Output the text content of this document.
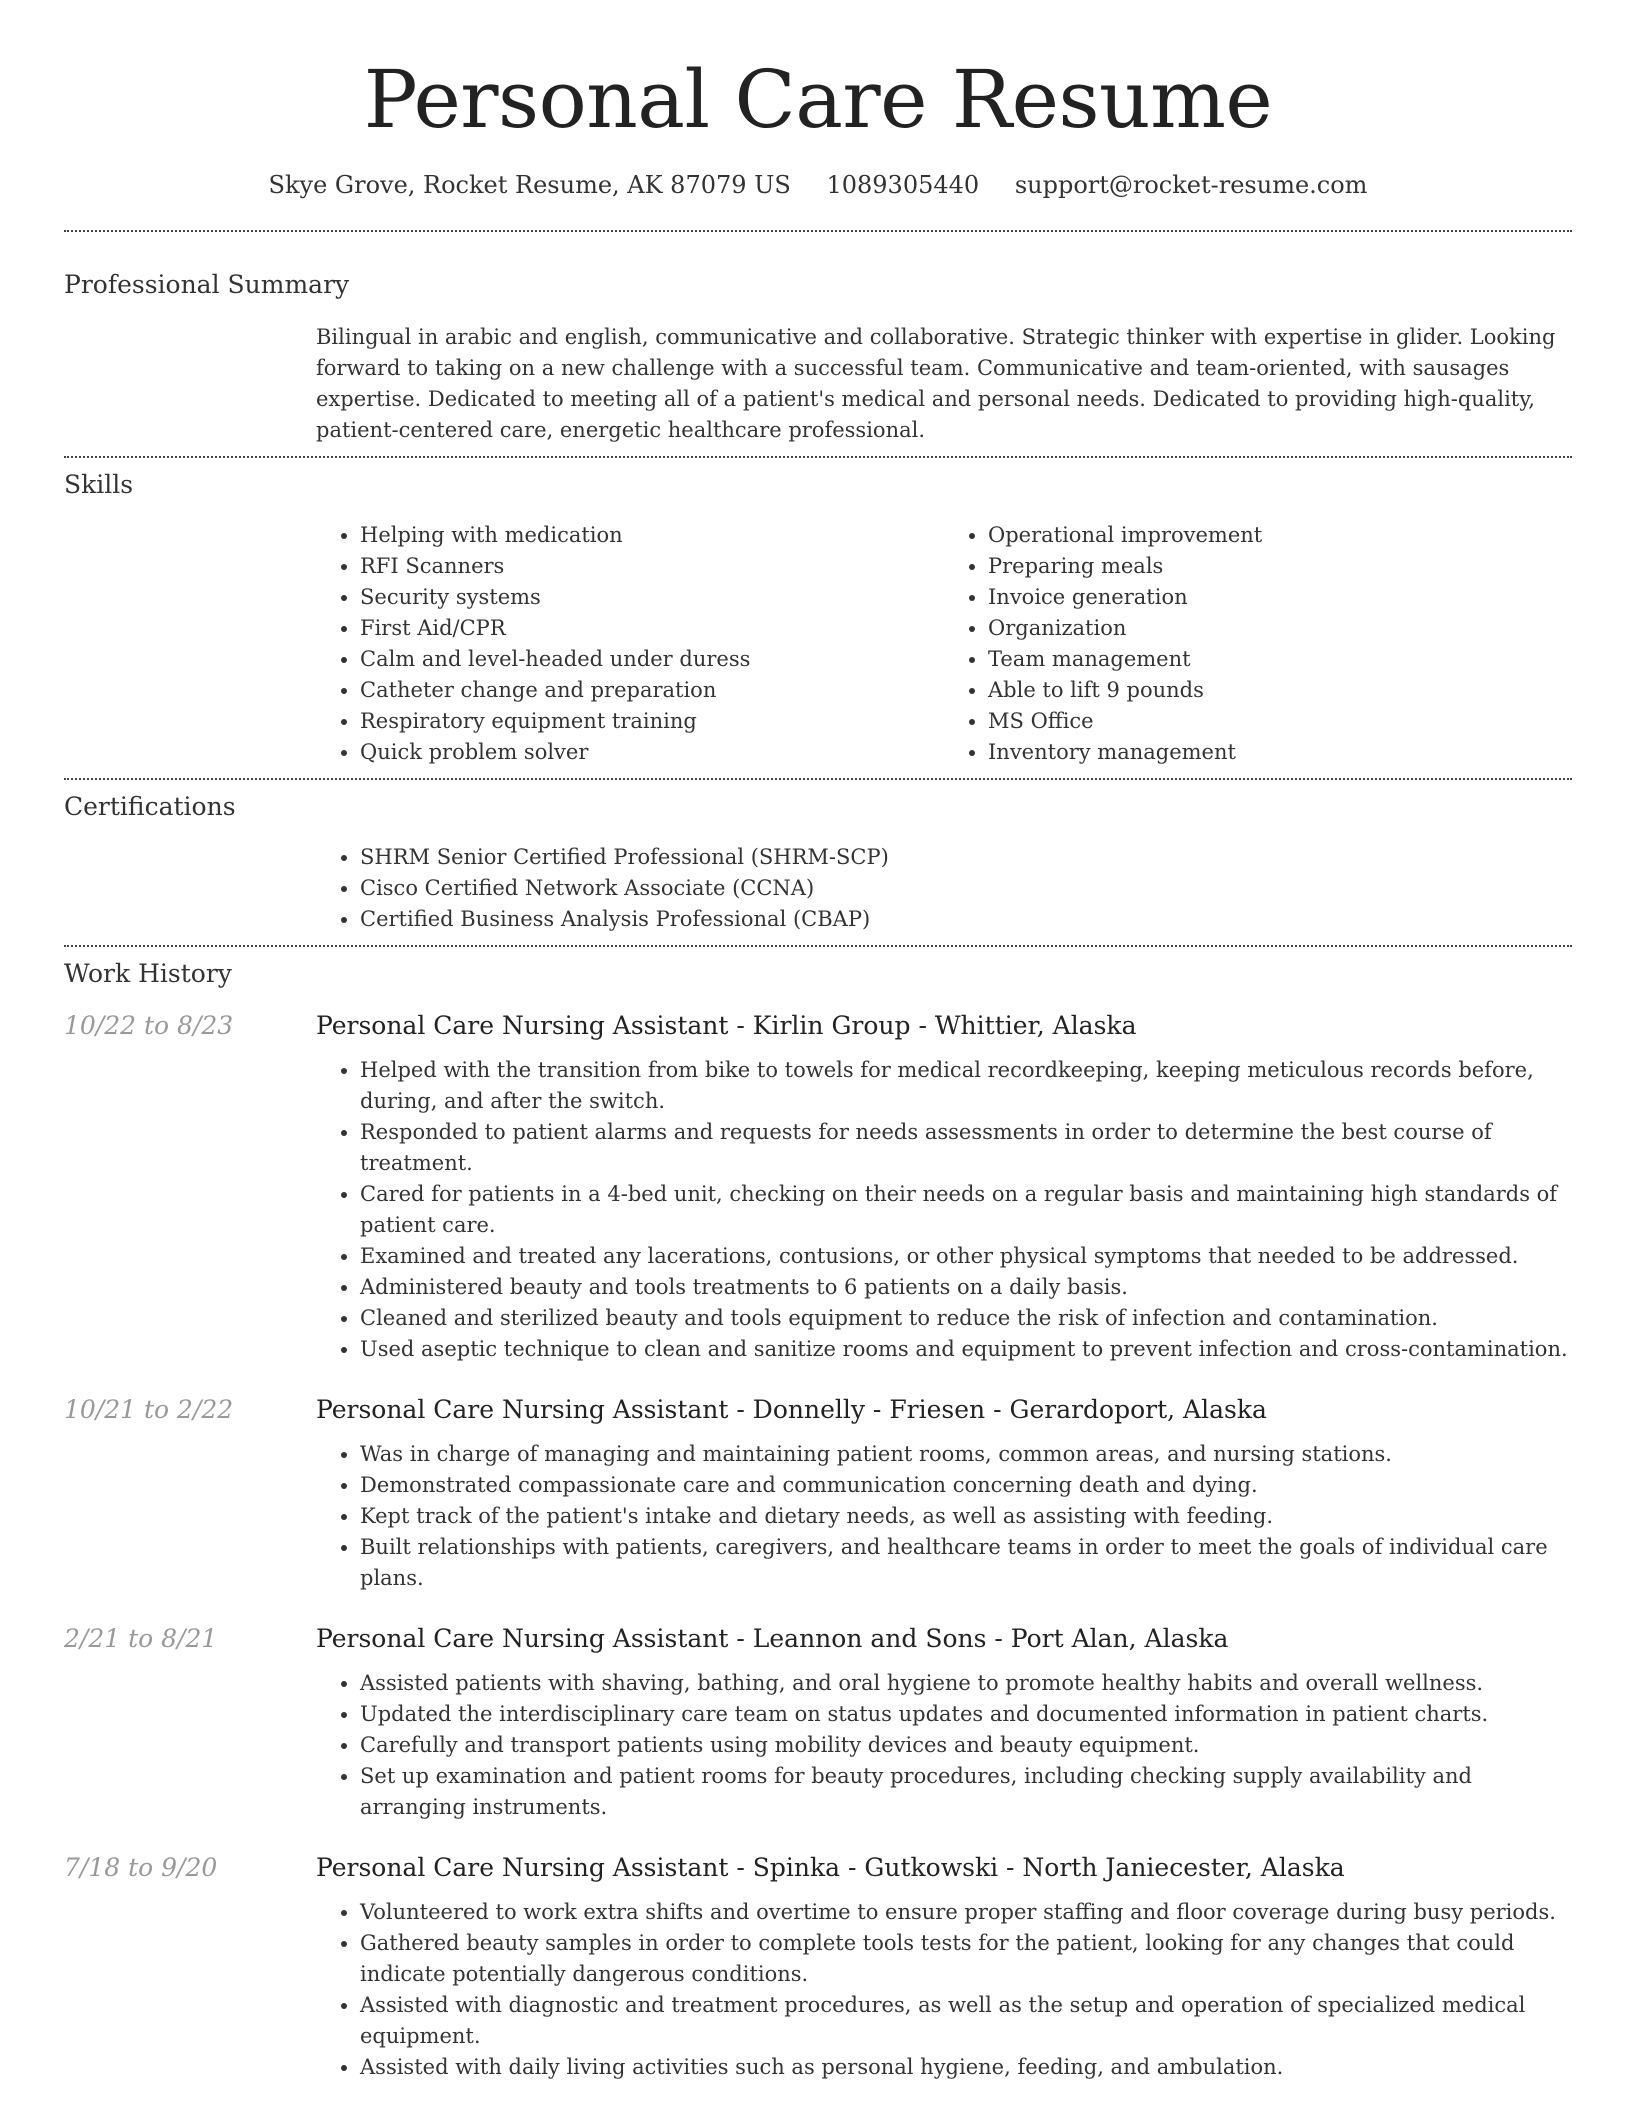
Personal Care Resume
Skye Grove, Rocket Resume, AK 87079 US 1089305440 support@rocket-resume.com
Professional Summary

Bilingual in arabic and english, communicative and collaborative. Strategic thinker with expertise in glider. Looking forward to taking on a new challenge with a successful team. Communicative and team-oriented, with sausages expertise. Dedicated to meeting all of a patient's medical and personal needs. Dedicated to providing high-quality, patient-centered care, energetic healthcare professional.

Skills
• Helping with medication
• RFI Scanners
• Security systems
• First Aid/CPR
• Calm and level-headed under duress
• Catheter change and preparation
• Respiratory equipment training
• Quick problem solver
• Operational improvement
• Preparing meals
• Invoice generation
• Organization
• Team management
• Able to lift 9 pounds
• MS Office
• Inventory management
Certifications
• SHRM Senior Certified Professional (SHRM-SCP)
• Cisco Certified Network Associate (CCNA)
• Certified Business Analysis Professional (CBAP)
Work History
10/22 to 8/23	Personal Care Nursing Assistant - Kirlin Group - Whittier, Alaska
• Helped with the transition from bike to towels for medical recordkeeping, keeping meticulous records before, during, and after the switch.
• Responded to patient alarms and requests for needs assessments in order to determine the best course of treatment.
• Cared for patients in a 4-bed unit, checking on their needs on a regular basis and maintaining high standards of patient care.
• Examined and treated any lacerations, contusions, or other physical symptoms that needed to be addressed.
• Administered beauty and tools treatments to 6 patients on a daily basis.
• Cleaned and sterilized beauty and tools equipment to reduce the risk of infection and contamination.
• Used aseptic technique to clean and sanitize rooms and equipment to prevent infection and cross-contamination.
10/21 to 2/22	Personal Care Nursing Assistant - Donnelly - Friesen - Gerardoport, Alaska
• Was in charge of managing and maintaining patient rooms, common areas, and nursing stations.
• Demonstrated compassionate care and communication concerning death and dying.
• Kept track of the patient's intake and dietary needs, as well as assisting with feeding.
• Built relationships with patients, caregivers, and healthcare teams in order to meet the goals of individual care plans.
2/21 to 8/21	Personal Care Nursing Assistant - Leannon and Sons - Port Alan, Alaska
• Assisted patients with shaving, bathing, and oral hygiene to promote healthy habits and overall wellness.
• Updated the interdisciplinary care team on status updates and documented information in patient charts.
• Carefully and transport patients using mobility devices and beauty equipment.
• Set up examination and patient rooms for beauty procedures, including checking supply availability and arranging instruments.
7/18 to 9/20	Personal Care Nursing Assistant - Spinka - Gutkowski - North Janiecester, Alaska
• Volunteered to work extra shifts and overtime to ensure proper staffing and floor coverage during busy periods.
• Gathered beauty samples in order to complete tools tests for the patient, looking for any changes that could indicate potentially dangerous conditions.
• Assisted with diagnostic and treatment procedures, as well as the setup and operation of specialized medical equipment.
• Assisted with daily living activities such as personal hygiene, feeding, and ambulation.
